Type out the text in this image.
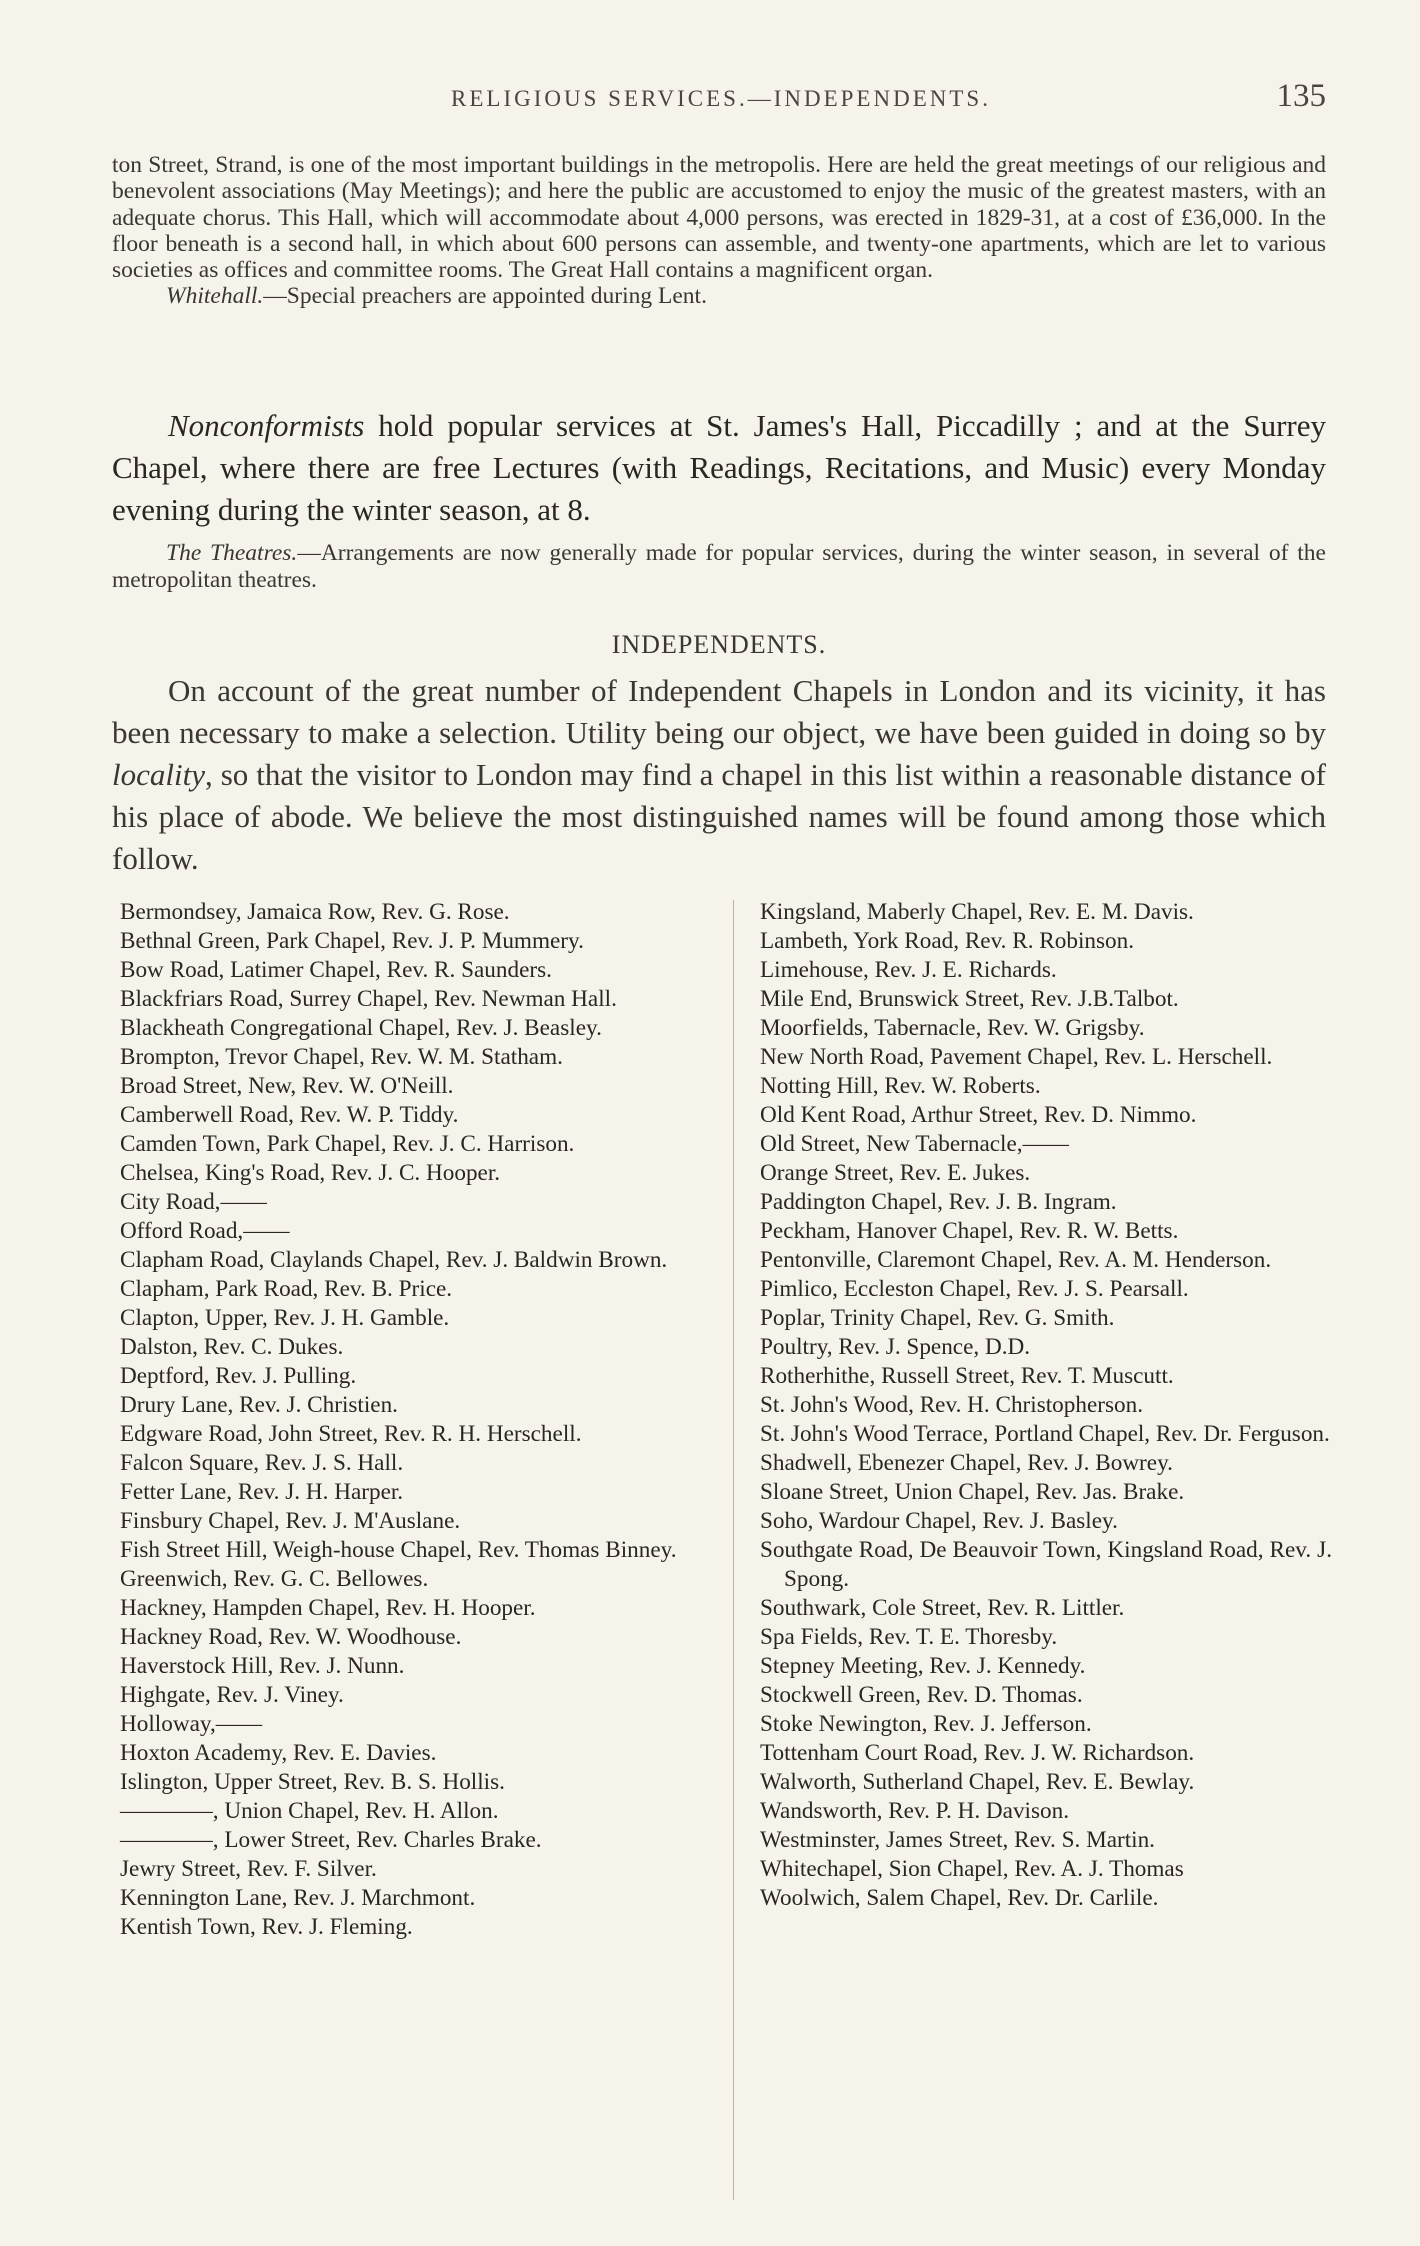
RELIGIOUS SERVICES.—INDEPENDENTS.	135

ton Street, Strand, is one of the most important buildings in the metropolis. Here are held the great meetings of our religious and benevolent associations (May Meetings); and here the public are accustomed to enjoy the music of the greatest masters, with an adequate chorus. This Hall, which will accommodate about 4,000 persons, was erected in 1829-31, at a cost of £36,000. In the floor beneath is a second hall, in which about 600 persons can assemble, and twenty-one apartments, which are let to various societies as offices and committee rooms. The Great Hall contains a magnificent organ.

Whitehall.—Special preachers are appointed during Lent.

Nonconformists hold popular services at St. James's Hall, Piccadilly ; and at the Surrey Chapel, where there are free Lectures (with Readings, Recitations, and Music) every Monday evening during the winter season, at 8.

The Theatres.—Arrangements are now generally made for popular services, during the winter season, in several of the metropolitan theatres.

INDEPENDENTS.

On account of the great number of Independent Chapels in London and its vicinity, it has been necessary to make a selection. Utility being our object, we have been guided in doing so by locality, so that the visitor to London may find a chapel in this list within a reasonable distance of his place of abode. We believe the most distinguished names will be found among those which follow.

Bermondsey, Jamaica Row, Rev. G. Rose.
Bethnal Green, Park Chapel, Rev. J. P. Mummery.
Bow Road, Latimer Chapel, Rev. R. Saunders.
Blackfriars Road, Surrey Chapel, Rev. Newman Hall.
Blackheath Congregational Chapel, Rev. J. Beasley.
Brompton, Trevor Chapel, Rev. W. M. Statham.
Broad Street, New, Rev. W. O'Neill.
Camberwell Road, Rev. W. P. Tiddy.
Camden Town, Park Chapel, Rev. J. C. Harrison.
Chelsea, King's Road, Rev. J. C. Hooper.
City Road,——
Offord Road,——
Clapham Road, Claylands Chapel, Rev. J. Baldwin Brown.
Clapham, Park Road, Rev. B. Price.
Clapton, Upper, Rev. J. H. Gamble.
Dalston, Rev. C. Dukes.
Deptford, Rev. J. Pulling.
Drury Lane, Rev. J. Christien.
Edgware Road, John Street, Rev. R. H. Herschell.
Falcon Square, Rev. J. S. Hall.
Fetter Lane, Rev. J. H. Harper.
Finsbury Chapel, Rev. J. M'Auslane.
Fish Street Hill, Weigh-house Chapel, Rev. Thomas Binney.
Greenwich, Rev. G. C. Bellowes.
Hackney, Hampden Chapel, Rev. H. Hooper.
Hackney Road, Rev. W. Woodhouse.
Haverstock Hill, Rev. J. Nunn.
Highgate, Rev. J. Viney.
Holloway,——
Hoxton Academy, Rev. E. Davies.
Islington, Upper Street, Rev. B. S. Hollis.
————, Union Chapel, Rev. H. Allon.
————, Lower Street, Rev. Charles Brake.
Jewry Street, Rev. F. Silver.
Kennington Lane, Rev. J. Marchmont.
Kentish Town, Rev. J. Fleming.
Kingsland, Maberly Chapel, Rev. E. M. Davis.
Lambeth, York Road, Rev. R. Robinson.
Limehouse, Rev. J. E. Richards.
Mile End, Brunswick Street, Rev. J.B.Talbot.
Moorfields, Tabernacle, Rev. W. Grigsby.
New North Road, Pavement Chapel, Rev. L. Herschell.
Notting Hill, Rev. W. Roberts.
Old Kent Road, Arthur Street, Rev. D. Nimmo.
Old Street, New Tabernacle,——
Orange Street, Rev. E. Jukes.
Paddington Chapel, Rev. J. B. Ingram.
Peckham, Hanover Chapel, Rev. R. W. Betts.
Pentonville, Claremont Chapel, Rev. A. M. Henderson.
Pimlico, Eccleston Chapel, Rev. J. S. Pearsall.
Poplar, Trinity Chapel, Rev. G. Smith.
Poultry, Rev. J. Spence, D.D.
Rotherhithe, Russell Street, Rev. T. Muscutt.
St. John's Wood, Rev. H. Christopherson.
St. John's Wood Terrace, Portland Chapel, Rev. Dr. Ferguson.
Shadwell, Ebenezer Chapel, Rev. J. Bowrey.
Sloane Street, Union Chapel, Rev. Jas. Brake.
Soho, Wardour Chapel, Rev. J. Basley.
Southgate Road, De Beauvoir Town, Kingsland Road, Rev. J. Spong.
Southwark, Cole Street, Rev. R. Littler.
Spa Fields, Rev. T. E. Thoresby.
Stepney Meeting, Rev. J. Kennedy.
Stockwell Green, Rev. D. Thomas.
Stoke Newington, Rev. J. Jefferson.
Tottenham Court Road, Rev. J. W. Richardson.
Walworth, Sutherland Chapel, Rev. E. Bewlay.
Wandsworth, Rev. P. H. Davison.
Westminster, James Street, Rev. S. Martin.
Whitechapel, Sion Chapel, Rev. A. J. Thomas
Woolwich, Salem Chapel, Rev. Dr. Carlile.
